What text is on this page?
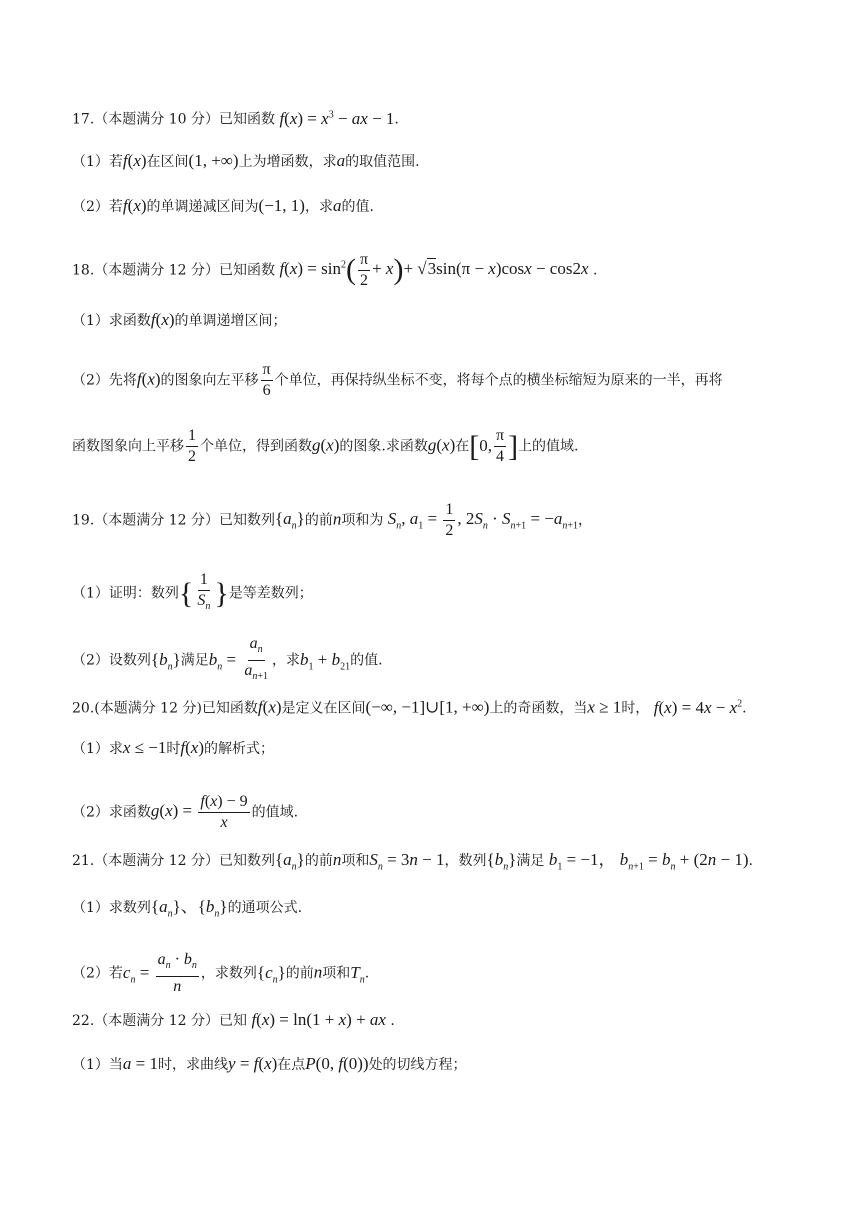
17.（本题满分 10 分）已知函数 $f(x) = x^3$ − ax − 1.
（1）若f(x)在区间(1, +∞)上为增函数，求a的取值范围.
（2）若f(x)的单调递减区间为(−1, 1)，求a的值.
18.（本题满分 12 分）已知函数 $f(x) = \sin^2( \frac{\pi}{2} + x)+ √3\sin(\pi - x)\cos x - \cos 2x$ .
（1）求函数f(x)的单调递增区间；
（2）先将f(x)的图象向左平移 $\frac{\pi}{6}$ 个单位，再保持纵坐标不变，将每个点的横坐标缩短为原来的一半，再将
函数图象向上平移 $\frac{1}{2}$ 个单位，得到函数g(x)的图象.求函数g(x)在[0, $\frac{\pi}{4}$ ]上的值域.
19.（本题满分 12 分）已知数列$\{a_n\}$的前n项和为 $S_n$, $a_1 = \frac{1}{2}$ , $2S_n \cdot S_{n+1} = -a_{n+1}$，
（1）证明：数列{ $\frac{1}{S_n}$ }是等差数列；
（2）设数列$\{b_n\}$满足$b_n = \frac{a_n}{a_{n+1}}$ ，求$b_1 + b_{21}$的值.
20.(本题满分 12 分)已知函数f(x)是定义在区间(−∞, −1]∪[1, +∞)上的奇函数，当x ≥ 1时， $f(x) = 4x - x^2$.
（1）求x ≤ −1时f(x)的解析式；
（2）求函数$g(x) = \frac{f(x) - 9}{x}$ 的值域.
21.（本题满分 12 分）已知数列$\{a_n\}$的前n项和$S_n = 3n - 1$，数列$\{b_n\}$满足 $b_1 = -1$， $b_{n+1} = b_n + (2n - 1)$.
（1）求数列$\{a_n\}$、$\{b_n\}$的通项公式.
（2）若$c_n = \frac{a_n \cdot b_n}{n}$ ，求数列$\{c_n\}$的前n项和$T_n$.
22.（本题满分 12 分）已知 f(x) = ln(1 + x) + ax .
（1）当a = 1时，求曲线y = f(x)在点P(0, f(0))处的切线方程；
